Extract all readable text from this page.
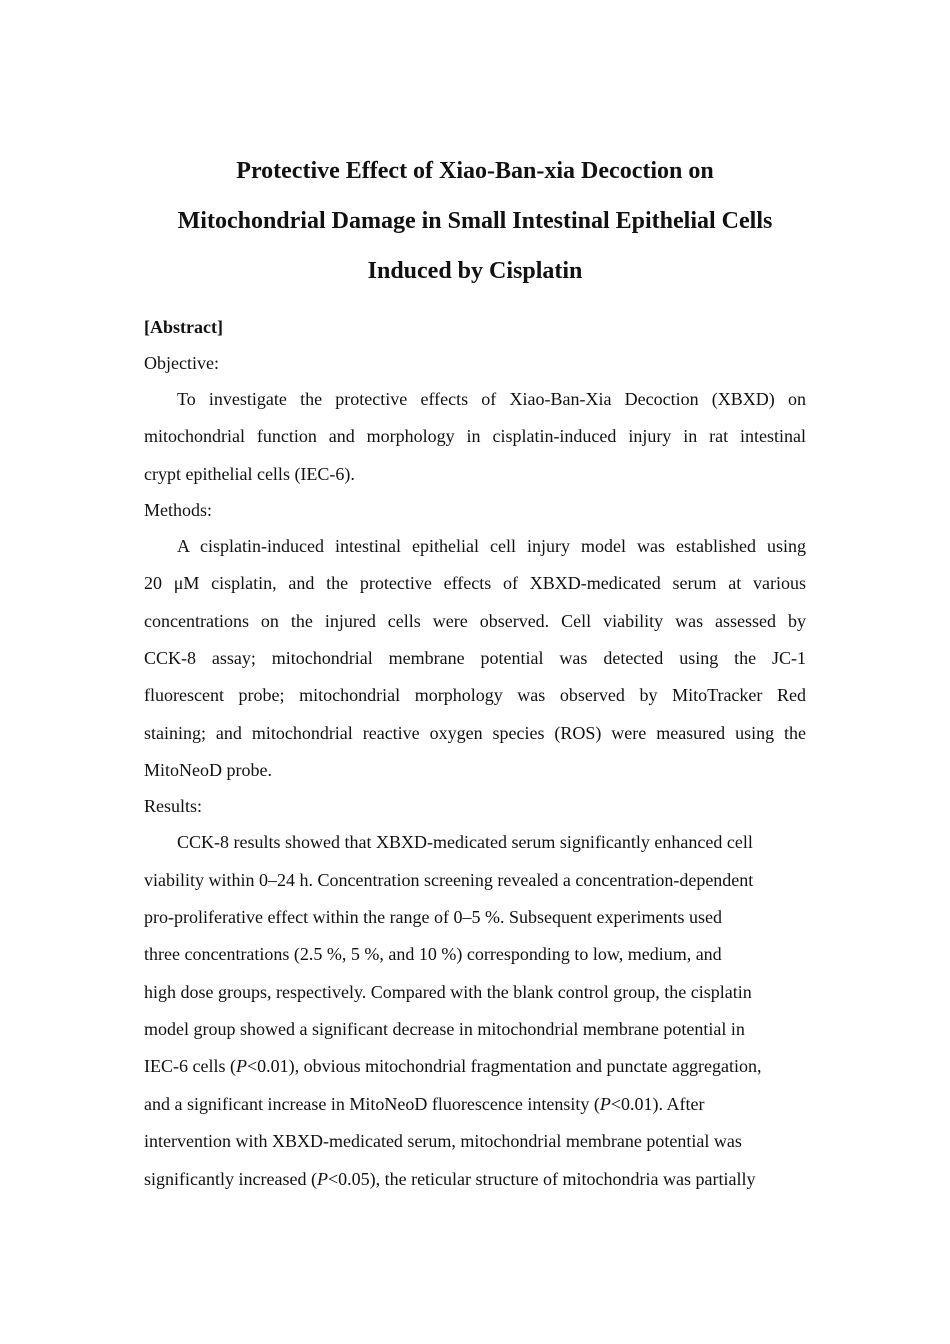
Protective Effect of Xiao-Ban-xia Decoction on
Mitochondrial Damage in Small Intestinal Epithelial Cells
Induced by Cisplatin
[Abstract]
Objective:
To investigate the protective effects of Xiao-Ban-Xia Decoction (XBXD) on
mitochondrial function and morphology in cisplatin-induced injury in rat intestinal
crypt epithelial cells (IEC-6).
Methods:
A cisplatin-induced intestinal epithelial cell injury model was established using
20 μM cisplatin, and the protective effects of XBXD-medicated serum at various
concentrations on the injured cells were observed. Cell viability was assessed by
CCK-8 assay; mitochondrial membrane potential was detected using the JC-1
fluorescent probe; mitochondrial morphology was observed by MitoTracker Red
staining; and mitochondrial reactive oxygen species (ROS) were measured using the
MitoNeoD probe.
Results:
CCK-8 results showed that XBXD-medicated serum significantly enhanced cell
viability within 0–24 h. Concentration screening revealed a concentration-dependent
pro-proliferative effect within the range of 0–5 %. Subsequent experiments used
three concentrations (2.5 %, 5 %, and 10 %) corresponding to low, medium, and
high dose groups, respectively. Compared with the blank control group, the cisplatin
model group showed a significant decrease in mitochondrial membrane potential in
IEC-6 cells (P<0.01), obvious mitochondrial fragmentation and punctate aggregation,
and a significant increase in MitoNeoD fluorescence intensity (P<0.01). After
intervention with XBXD-medicated serum, mitochondrial membrane potential was
significantly increased (P<0.05), the reticular structure of mitochondria was partially
